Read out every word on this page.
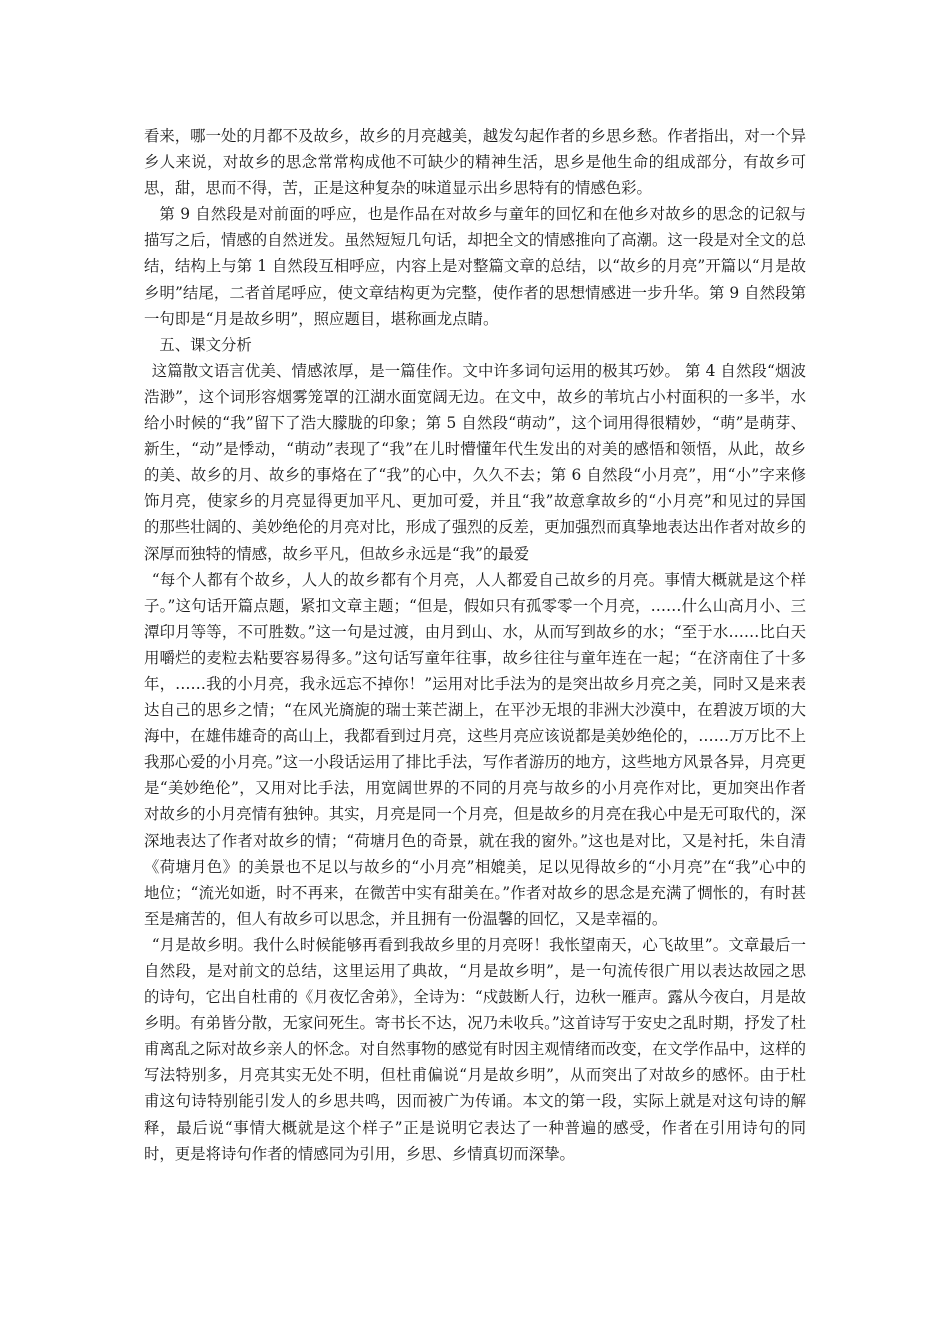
看来，哪一处的月都不及故乡，故乡的月亮越美，越发勾起作者的乡思乡愁。作者指出，对一个异乡人来说，对故乡的思念常常构成他不可缺少的精神生活，思乡是他生命的组成部分，有故乡可思，甜，思而不得，苦，正是这种复杂的味道显示出乡思特有的情感色彩。

第 9 自然段是对前面的呼应，也是作品在对故乡与童年的回忆和在他乡对故乡的思念的记叙与描写之后，情感的自然迸发。虽然短短几句话，却把全文的情感推向了高潮。这一段是对全文的总结，结构上与第 1 自然段互相呼应，内容上是对整篇文章的总结，以“故乡的月亮”开篇以“月是故乡明”结尾，二者首尾呼应，使文章结构更为完整，使作者的思想情感进一步升华。第 9 自然段第一句即是“月是故乡明”，照应题目，堪称画龙点睛。

五、课文分析

这篇散文语言优美、情感浓厚，是一篇佳作。文中许多词句运用的极其巧妙。 第 4 自然段“烟波浩渺”，这个词形容烟雾笼罩的江湖水面宽阔无边。在文中，故乡的苇坑占小村面积的一多半，水给小时候的“我”留下了浩大朦胧的印象；第 5 自然段“萌动”，这个词用得很精妙，“萌”是萌芽、新生，“动”是悸动，“萌动”表现了“我”在儿时懵懂年代生发出的对美的感悟和领悟，从此，故乡的美、故乡的月、故乡的事烙在了“我”的心中，久久不去；第 6 自然段“小月亮”，用“小”字来修饰月亮，使家乡的月亮显得更加平凡、更加可爱，并且“我”故意拿故乡的“小月亮”和见过的异国的那些壮阔的、美妙绝伦的月亮对比，形成了强烈的反差，更加强烈而真挚地表达出作者对故乡的深厚而独特的情感，故乡平凡，但故乡永远是“我”的最爱

“每个人都有个故乡，人人的故乡都有个月亮，人人都爱自己故乡的月亮。事情大概就是这个样子。”这句话开篇点题，紧扣文章主题；“但是，假如只有孤零零一个月亮，……什么山高月小、三潭印月等等，不可胜数。”这一句是过渡，由月到山、水，从而写到故乡的水；“至于水……比白天用嚼烂的麦粒去粘要容易得多。”这句话写童年往事，故乡往往与童年连在一起；“在济南住了十多年，……我的小月亮，我永远忘不掉你！”运用对比手法为的是突出故乡月亮之美，同时又是来表达自己的思乡之情；“在风光旖旎的瑞士莱芒湖上，在平沙无垠的非洲大沙漠中，在碧波万顷的大海中，在雄伟雄奇的高山上，我都看到过月亮，这些月亮应该说都是美妙绝伦的，……万万比不上我那心爱的小月亮。”这一小段话运用了排比手法，写作者游历的地方，这些地方风景各异，月亮更是“美妙绝伦”，又用对比手法，用宽阔世界的不同的月亮与故乡的小月亮作对比，更加突出作者对故乡的小月亮情有独钟。其实，月亮是同一个月亮，但是故乡的月亮在我心中是无可取代的，深深地表达了作者对故乡的情；“荷塘月色的奇景，就在我的窗外。”这也是对比，又是衬托，朱自清《荷塘月色》的美景也不足以与故乡的“小月亮”相媲美，足以见得故乡的“小月亮”在“我”心中的地位；“流光如逝，时不再来，在微苦中实有甜美在。”作者对故乡的思念是充满了惆怅的，有时甚至是痛苦的，但人有故乡可以思念，并且拥有一份温馨的回忆，又是幸福的。

“月是故乡明。我什么时候能够再看到我故乡里的月亮呀！我怅望南天，心飞故里”。文章最后一自然段，是对前文的总结，这里运用了典故，“月是故乡明”，是一句流传很广用以表达故园之思的诗句，它出自杜甫的《月夜忆舍弟》，全诗为：“戍鼓断人行，边秋一雁声。露从今夜白，月是故乡明。有弟皆分散，无家问死生。寄书长不达，况乃未收兵。”这首诗写于安史之乱时期，抒发了杜甫离乱之际对故乡亲人的怀念。对自然事物的感觉有时因主观情绪而改变，在文学作品中，这样的写法特别多，月亮其实无处不明，但杜甫偏说“月是故乡明”，从而突出了对故乡的感怀。由于杜甫这句诗特别能引发人的乡思共鸣，因而被广为传诵。本文的第一段，实际上就是对这句诗的解释，最后说“事情大概就是这个样子”正是说明它表达了一种普遍的感受，作者在引用诗句的同时，更是将诗句作者的情感同为引用，乡思、乡情真切而深挚。
